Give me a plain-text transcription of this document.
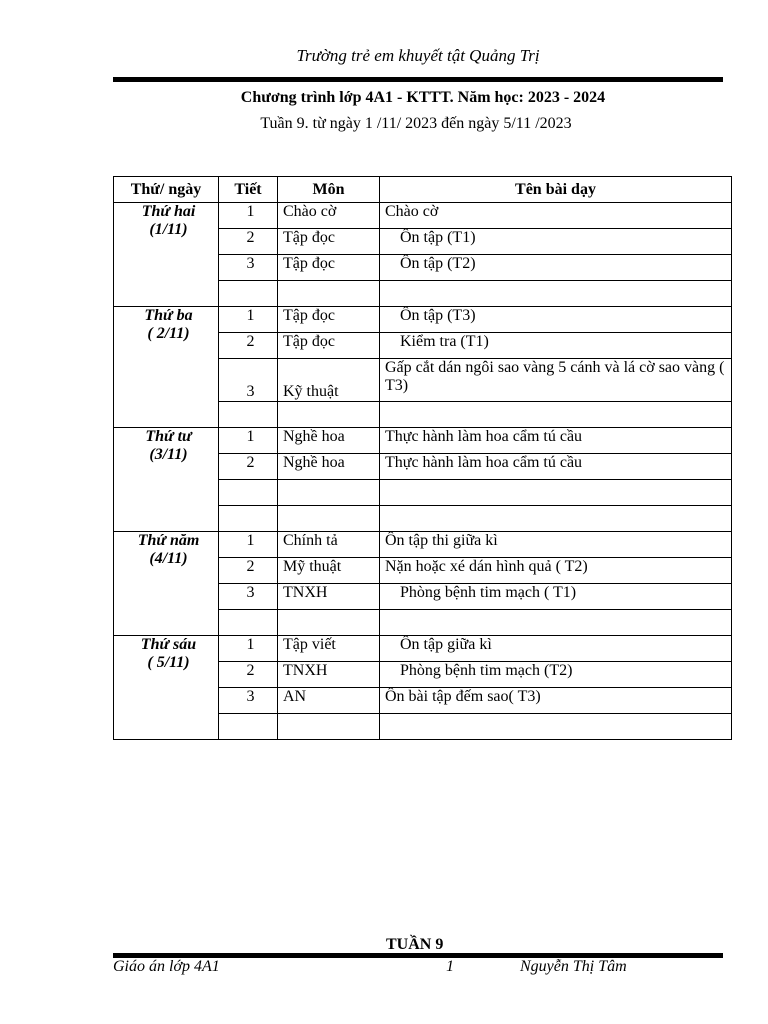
Trường trẻ em khuyết tật Quảng Trị
Chương trình lớp 4A1 - KTTT. Năm học: 2023 - 2024
Tuần 9. từ ngày 1 /11/ 2023 đến ngày 5/11 /2023
Thứ/ ngày	Tiết	Môn	Tên bài dạy

Thứ hai
(1/11)	1	Chào cờ	Chào cờ
	2	Tập đọc	Ôn tập (T1)
	3	Tập đọc	Ôn tập (T2)

Thứ ba
( 2/11)	1	Tập đọc	Ôn tập (T3)
	2	Tập đọc	Kiểm tra (T1)
	3	Kỹ thuật	Gấp cắt dán ngôi sao vàng 5 cánh và lá cờ sao vàng ( T3)

Thứ tư
(3/11)	1	Nghề hoa	Thực hành làm hoa cẩm tú cầu
	2	Nghề hoa	Thực hành làm hoa cẩm tú cầu

Thứ năm
(4/11)	1	Chính tả	Ôn tập thi giữa kì
	2	Mỹ thuật	Nặn hoặc xé dán hình quả ( T2)
	3	TNXH	Phòng bệnh tim mạch ( T1)

Thứ sáu
( 5/11)	1	Tập viết	Ôn tập giữa kì
	2	TNXH	Phòng bệnh tim mạch (T2)
	3	AN	Ôn bài tập đếm sao( T3)

TUẦN 9
Giáo án lớp 4A1	1	Nguyễn Thị Tâm
